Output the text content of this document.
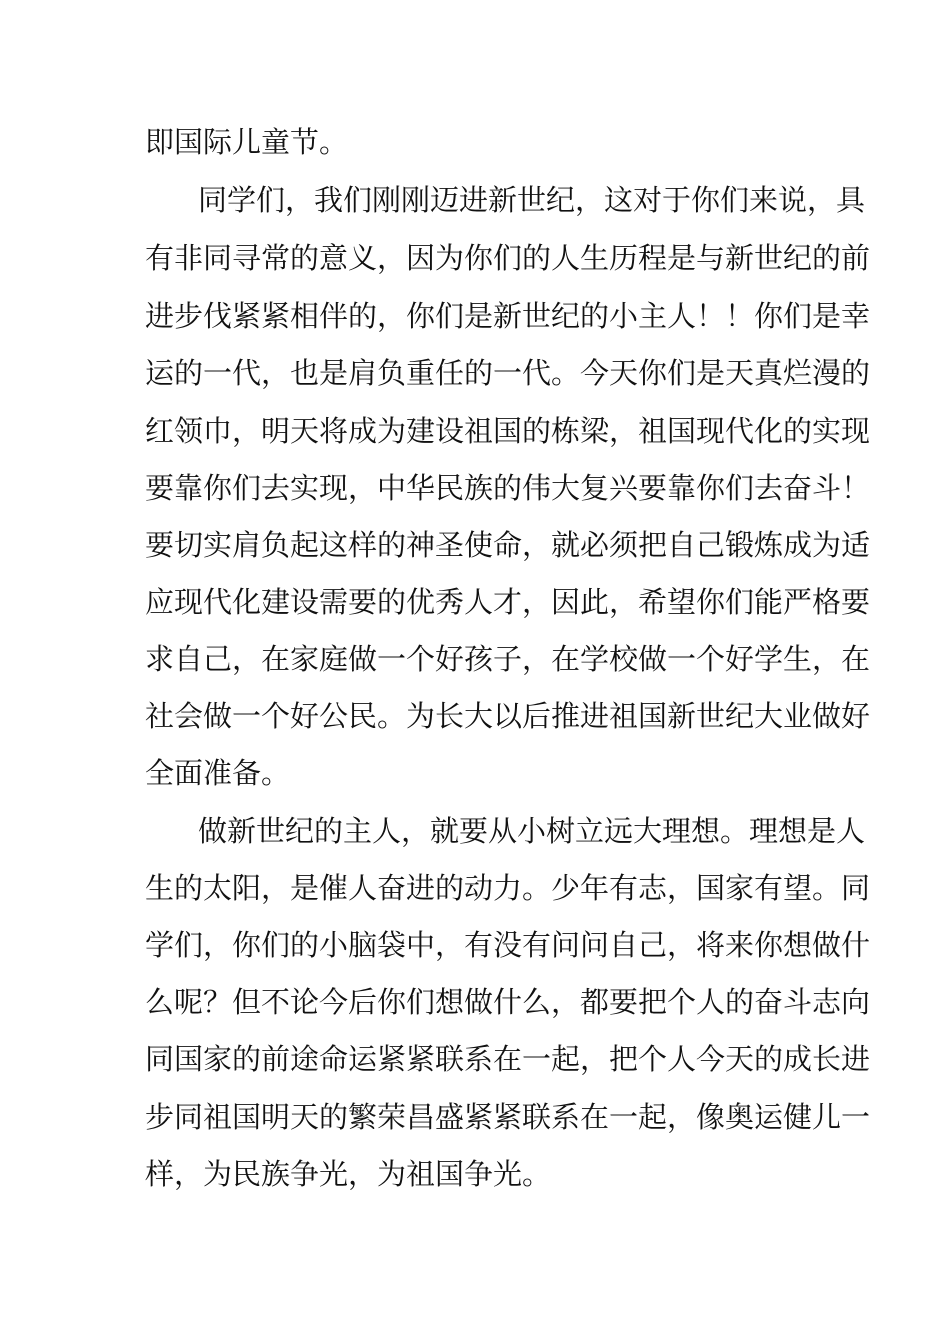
即国际儿童节。

同学们，我们刚刚迈进新世纪，这对于你们来说，具

有非同寻常的意义，因为你们的人生历程是与新世纪的前

进步伐紧紧相伴的，你们是新世纪的小主人！！你们是幸

运的一代，也是肩负重任的一代。今天你们是天真烂漫的

红领巾，明天将成为建设祖国的栋梁，祖国现代化的实现

要靠你们去实现，中华民族的伟大复兴要靠你们去奋斗！

要切实肩负起这样的神圣使命，就必须把自己锻炼成为适

应现代化建设需要的优秀人才，因此，希望你们能严格要

求自己，在家庭做一个好孩子，在学校做一个好学生，在

社会做一个好公民。为长大以后推进祖国新世纪大业做好

全面准备。

做新世纪的主人，就要从小树立远大理想。理想是人

生的太阳，是催人奋进的动力。少年有志，国家有望。同

学们，你们的小脑袋中，有没有问问自己，将来你想做什

么呢？但不论今后你们想做什么，都要把个人的奋斗志向

同国家的前途命运紧紧联系在一起，把个人今天的成长进

步同祖国明天的繁荣昌盛紧紧联系在一起，像奥运健儿一

样，为民族争光，为祖国争光。
